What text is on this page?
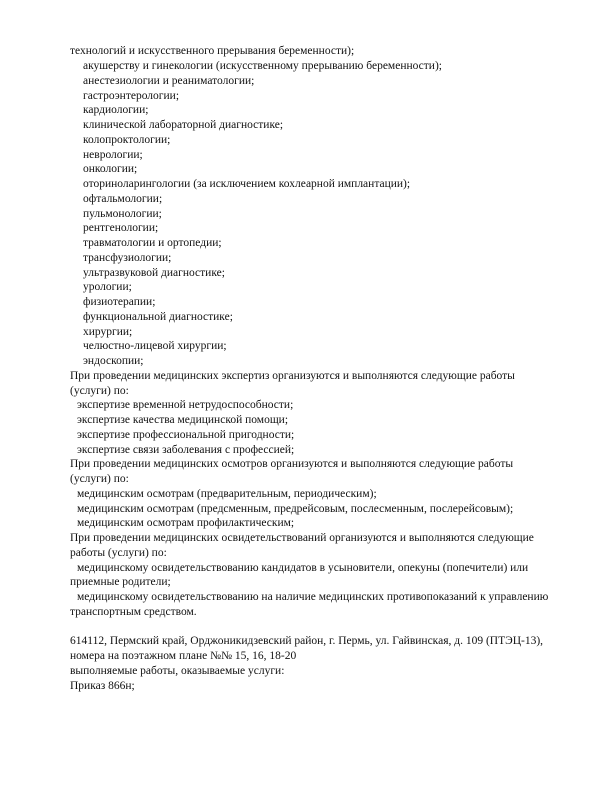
технологий и искусственного прерывания беременности);
акушерству и гинекологии (искусственному прерыванию беременности);
анестезиологии и реаниматологии;
гастроэнтерологии;
кардиологии;
клинической лабораторной диагностике;
колопроктологии;
неврологии;
онкологии;
оториноларингологии (за исключением кохлеарной имплантации);
офтальмологии;
пульмонологии;
рентгенологии;
травматологии и ортопедии;
трансфузиологии;
ультразвуковой диагностике;
урологии;
физиотерапии;
функциональной диагностике;
хирургии;
челюстно-лицевой хирургии;
эндоскопии;
При проведении медицинских экспертиз организуются и выполняются следующие работы
(услуги) по:
экспертизе временной нетрудоспособности;
экспертизе качества медицинской помощи;
экспертизе профессиональной пригодности;
экспертизе связи заболевания с профессией;
При проведении медицинских осмотров организуются и выполняются следующие работы
(услуги) по:
медицинским осмотрам (предварительным, периодическим);
медицинским осмотрам (предсменным, предрейсовым, послесменным, послерейсовым);
медицинским осмотрам профилактическим;
При проведении медицинских освидетельствований организуются и выполняются следующие
работы (услуги) по:
медицинскому освидетельствованию кандидатов в усыновители, опекуны (попечители) или
приемные родители;
медицинскому освидетельствованию на наличие медицинских противопоказаний к управлению
транспортным средством.
614112, Пермский край, Орджоникидзевский район, г. Пермь, ул. Гайвинская, д. 109 (ПТЭЦ-13),
номера на поэтажном плане №№ 15, 16, 18-20
выполняемые работы, оказываемые услуги:
Приказ 866н;
